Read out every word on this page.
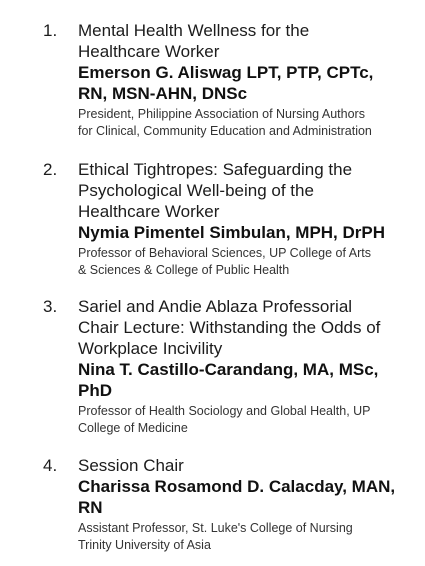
1. Mental Health Wellness for the
Healthcare Worker
Emerson G. Aliswag LPT, PTP, CPTc,
RN, MSN-AHN, DNSc
President, Philippine Association of Nursing Authors
for Clinical, Community Education and Administration
2. Ethical Tightropes: Safeguarding the
Psychological Well-being of the
Healthcare Worker
Nymia Pimentel Simbulan, MPH, DrPH
Professor of Behavioral Sciences, UP College of Arts
& Sciences & College of Public Health
3. Sariel and Andie Ablaza Professorial
Chair Lecture: Withstanding the Odds of
Workplace Incivility
Nina T. Castillo-Carandang, MA, MSc,
PhD
Professor of Health Sociology and Global Health, UP
College of Medicine
4. Session Chair
Charissa Rosamond D. Calacday, MAN,
RN
Assistant Professor, St. Luke's College of Nursing
Trinity University of Asia
